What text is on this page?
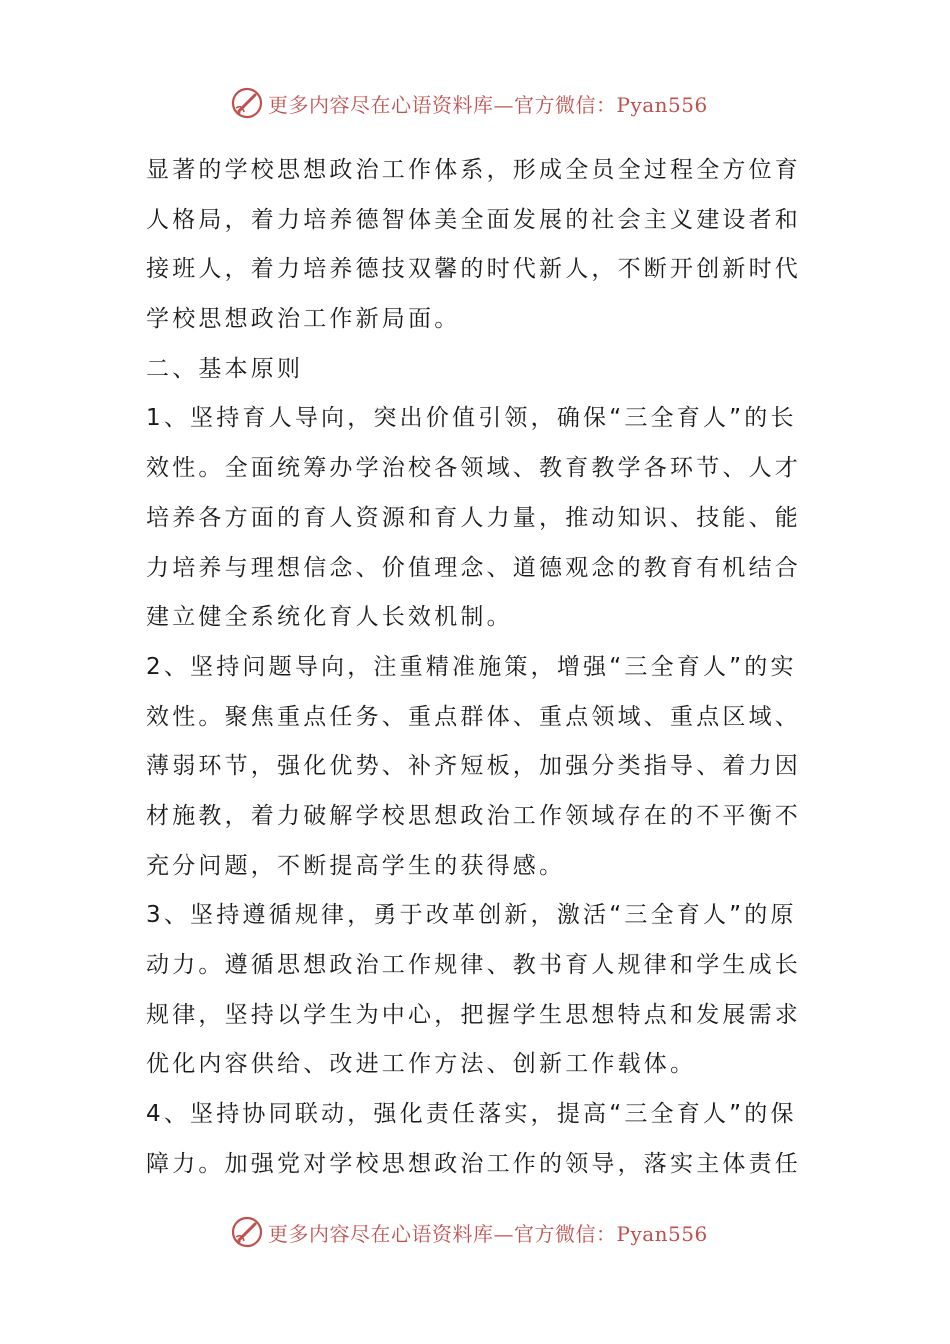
更多内容尽在心语资料库—官方微信：Pyan556
显著的学校思想政治工作体系，形成全员全过程全方位育
人格局，着力培养德智体美全面发展的社会主义建设者和
接班人，着力培养德技双馨的时代新人，不断开创新时代
学校思想政治工作新局面。
二、基本原则
1、坚持育人导向，突出价值引领，确保“三全育人”的长
效性。全面统筹办学治校各领域、教育教学各环节、人才
培养各方面的育人资源和育人力量，推动知识、技能、能
力培养与理想信念、价值理念、道德观念的教育有机结合
建立健全系统化育人长效机制。
2、坚持问题导向，注重精准施策，增强“三全育人”的实
效性。聚焦重点任务、重点群体、重点领域、重点区域、
薄弱环节，强化优势、补齐短板，加强分类指导、着力因
材施教，着力破解学校思想政治工作领域存在的不平衡不
充分问题，不断提高学生的获得感。
3、坚持遵循规律，勇于改革创新，激活“三全育人”的原
动力。遵循思想政治工作规律、教书育人规律和学生成长
规律，坚持以学生为中心，把握学生思想特点和发展需求
优化内容供给、改进工作方法、创新工作载体。
4、坚持协同联动，强化责任落实，提高“三全育人”的保
障力。加强党对学校思想政治工作的领导，落实主体责任
更多内容尽在心语资料库—官方微信：Pyan556
